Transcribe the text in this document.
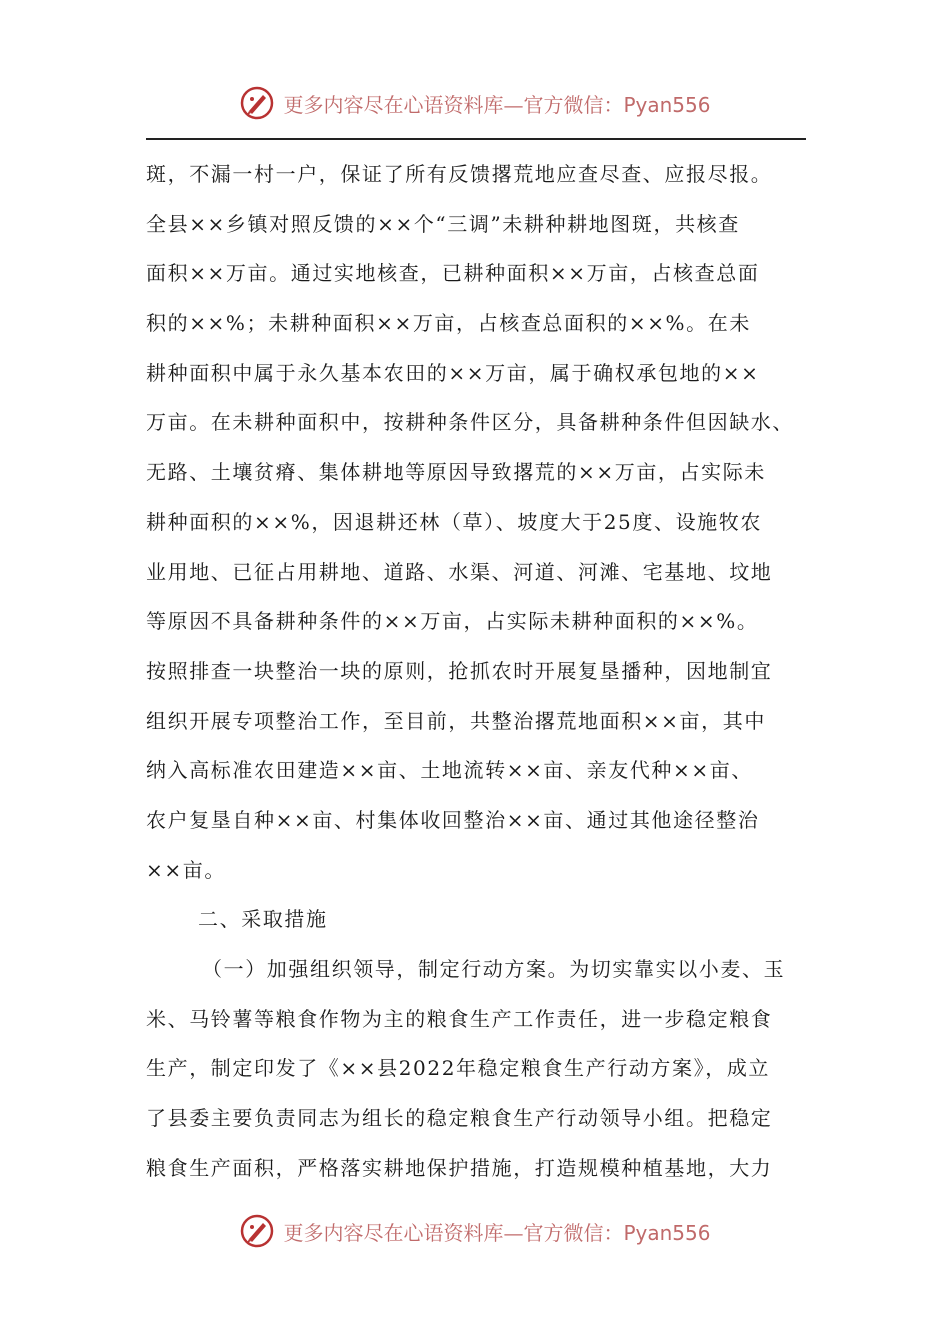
更多内容尽在心语资料库—官方微信：Pyan556
斑，不漏一村一户，保证了所有反馈撂荒地应查尽查、应报尽报。
全县××乡镇对照反馈的××个“三调”未耕种耕地图斑，共核查
面积××万亩。通过实地核查，已耕种面积××万亩，占核查总面
积的××%；未耕种面积××万亩，占核查总面积的××%。在未
耕种面积中属于永久基本农田的××万亩，属于确权承包地的××
万亩。在未耕种面积中，按耕种条件区分，具备耕种条件但因缺水、
无路、土壤贫瘠、集体耕地等原因导致撂荒的××万亩，占实际未
耕种面积的××%，因退耕还林（草）、坡度大于25度、设施牧农
业用地、已征占用耕地、道路、水渠、河道、河滩、宅基地、坟地
等原因不具备耕种条件的××万亩，占实际未耕种面积的××%。
按照排查一块整治一块的原则，抢抓农时开展复垦播种，因地制宜
组织开展专项整治工作，至目前，共整治撂荒地面积××亩，其中
纳入高标准农田建造××亩、土地流转××亩、亲友代种××亩、
农户复垦自种××亩、村集体收回整治××亩、通过其他途径整治
××亩。
二、采取措施
（一）加强组织领导，制定行动方案。为切实靠实以小麦、玉
米、马铃薯等粮食作物为主的粮食生产工作责任，进一步稳定粮食
生产，制定印发了《××县2022年稳定粮食生产行动方案》，成立
了县委主要负责同志为组长的稳定粮食生产行动领导小组。把稳定
粮食生产面积，严格落实耕地保护措施，打造规模种植基地，大力
更多内容尽在心语资料库—官方微信：Pyan556
